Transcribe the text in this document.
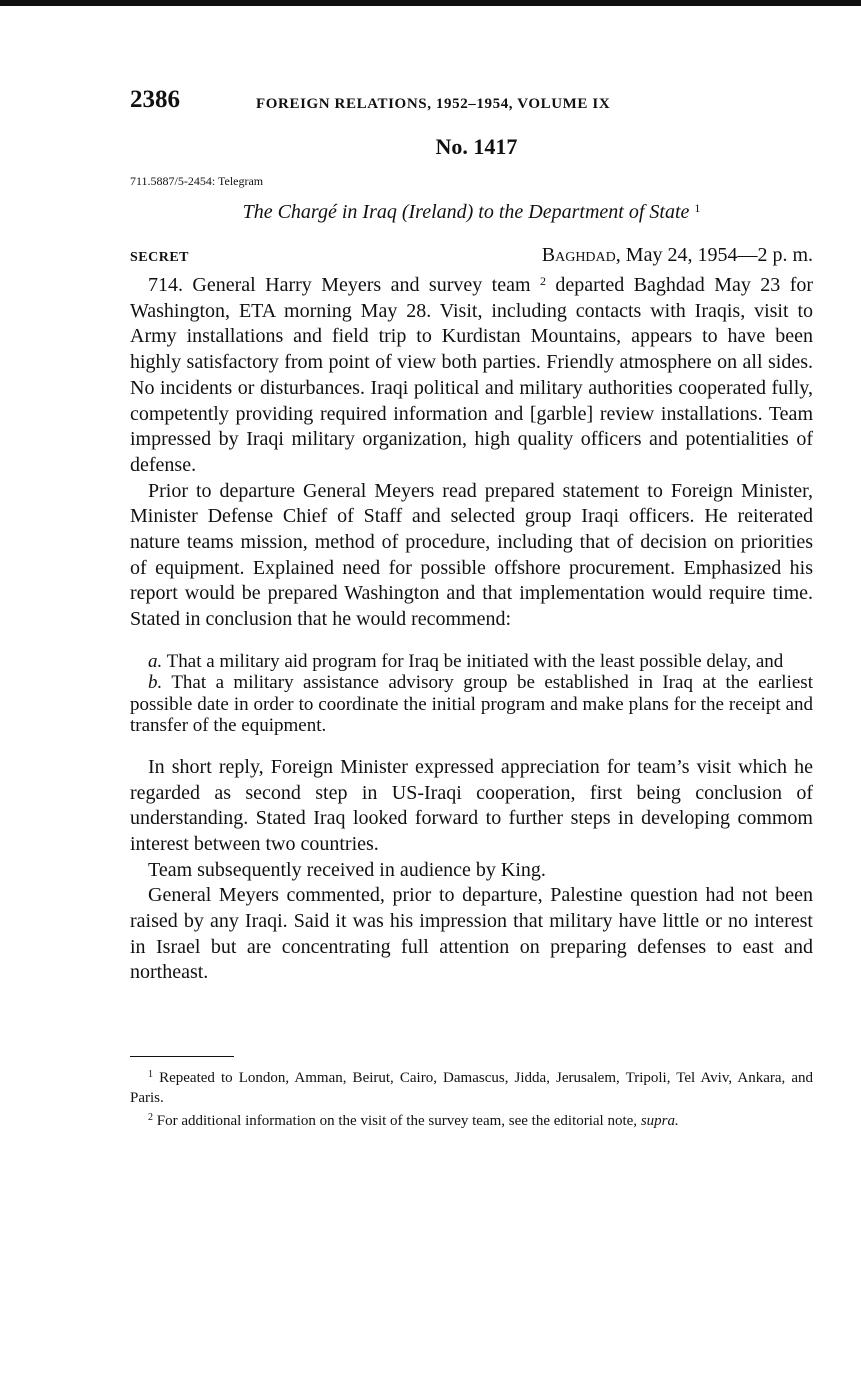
2386	FOREIGN RELATIONS, 1952–1954, VOLUME IX
No. 1417
711.5887/5-2454: Telegram
The Chargé in Iraq (Ireland) to the Department of State $^1$
SECRET	Baghdad, May 24, 1954—2 p. m.

714. General Harry Meyers and survey team $^2$ departed Baghdad May 23 for Washington, ETA morning May 28. Visit, including contacts with Iraqis, visit to Army installations and field trip to Kurdistan Mountains, appears to have been highly satisfactory from point of view both parties. Friendly atmosphere on all sides. No incidents or disturbances. Iraqi political and military authorities cooperated fully, competently providing required information and [garble] review installations. Team impressed by Iraqi military organization, high quality officers and potentialities of defense.

Prior to departure General Meyers read prepared statement to Foreign Minister, Minister Defense Chief of Staff and selected group Iraqi officers. He reiterated nature teams mission, method of procedure, including that of decision on priorities of equipment. Explained need for possible offshore procurement. Emphasized his report would be prepared Washington and that implementation would require time. Stated in conclusion that he would recommend:

a. That a military aid program for Iraq be initiated with the least possible delay, and

b. That a military assistance advisory group be established in Iraq at the earliest possible date in order to coordinate the initial program and make plans for the receipt and transfer of the equipment.

In short reply, Foreign Minister expressed appreciation for team’s visit which he regarded as second step in US-Iraqi cooperation, first being conclusion of understanding. Stated Iraq looked forward to further steps in developing commom interest between two countries.

Team subsequently received in audience by King.

General Meyers commented, prior to departure, Palestine question had not been raised by any Iraqi. Said it was his impression that military have little or no interest in Israel but are concentrating full attention on preparing defenses to east and northeast.

$^1$ Repeated to London, Amman, Beirut, Cairo, Damascus, Jidda, Jerusalem, Tripoli, Tel Aviv, Ankara, and Paris.

$^2$ For additional information on the visit of the survey team, see the editorial note, supra.
